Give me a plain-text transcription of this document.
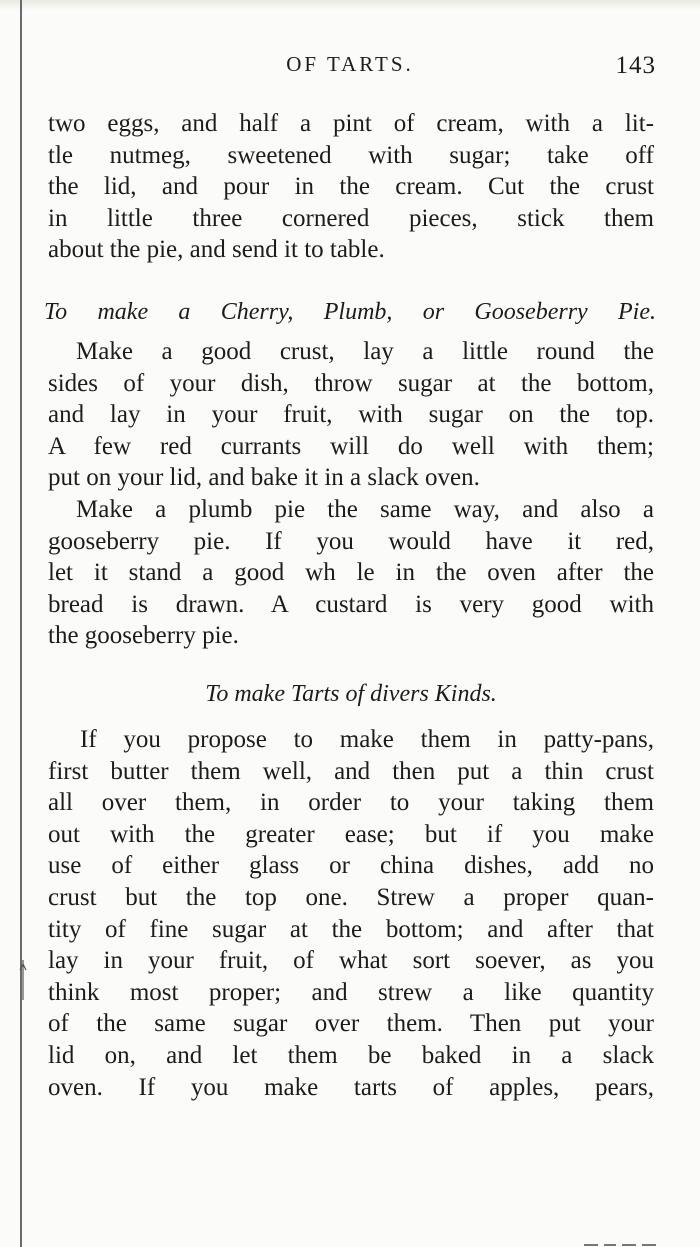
OF TARTS.	143
two eggs, and half a pint of cream, with a lit-
tle nutmeg, sweetened with sugar; take off
the lid, and pour in the cream. Cut the crust
in little three cornered pieces, stick them
about the pie, and send it to table.
To make a Cherry, Plumb, or Gooseberry Pie.
Make a good crust, lay a little round the
sides of your dish, throw sugar at the bottom,
and lay in your fruit, with sugar on the top.
A few red currants will do well with them;
put on your lid, and bake it in a slack oven.
Make a plumb pie the same way, and also a
gooseberry pie. If you would have it red,
let it stand a good wh le in the oven after the
bread is drawn. A custard is very good with
the gooseberry pie.
To make Tarts of divers Kinds.
If you propose to make them in patty-pans,
first butter them well, and then put a thin crust
all over them, in order to your taking them
out with the greater ease; but if you make
use of either glass or china dishes, add no
crust but the top one. Strew a proper quan-
tity of fine sugar at the bottom; and after that
lay in your fruit, of what sort soever, as you
think most proper; and strew a like quantity
of the same sugar over them. Then put your
lid on, and let them be baked in a slack
oven. If you make tarts of apples, pears,
